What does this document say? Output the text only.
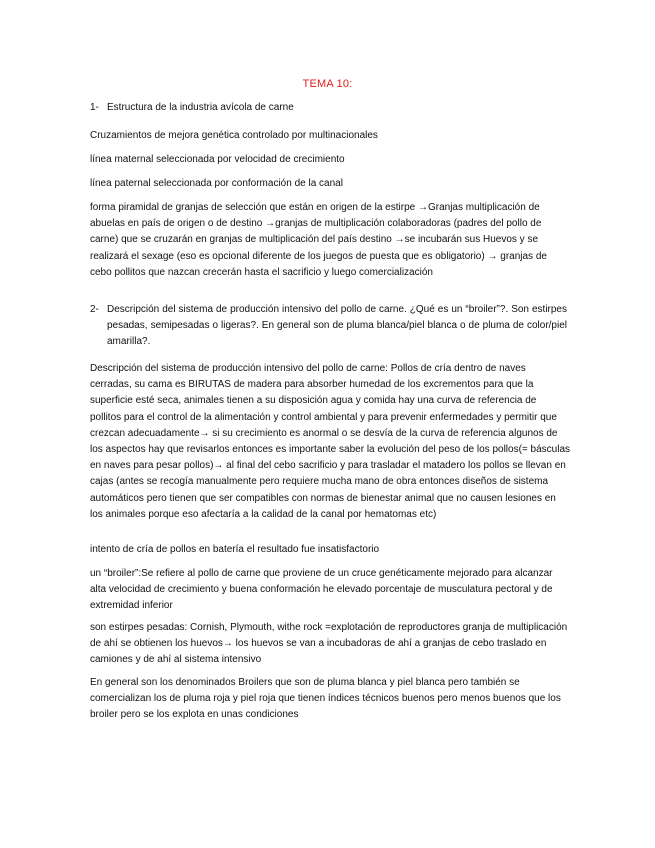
TEMA 10:
1- Estructura de la industria avícola de carne

Cruzamientos de mejora genética controlado por multinacionales

línea maternal seleccionada por velocidad de crecimiento

línea paternal seleccionada por conformación de la canal

forma piramidal de granjas de selección que están en origen de la estirpe →Granjas multiplicación de abuelas en país de origen o de destino →granjas de multiplicación colaboradoras (padres del pollo de carne) que se cruzarán en granjas de multiplicación del país destino →se incubarán sus Huevos y se realizará el sexage (eso es opcional diferente de los juegos de puesta que es obligatorio) → granjas de cebo pollitos que nazcan crecerán hasta el sacrificio y luego comercialización

2- Descripción del sistema de producción intensivo del pollo de carne. ¿Qué es un “broiler”?. Son estirpes pesadas, semipesadas o ligeras?. En general son de pluma blanca/piel blanca o de pluma de color/piel amarilla?.

Descripción del sistema de producción intensivo del pollo de carne: Pollos de cría dentro de naves cerradas, su cama es BIRUTAS de madera para absorber humedad de los excrementos para que la superficie esté seca, animales tienen a su disposición agua y comida hay una curva de referencia de pollitos para el control de la alimentación y control ambiental y para prevenir enfermedades y permitir que crezcan adecuadamente→ si su crecimiento es anormal o se desvía de la curva de referencia algunos de los aspectos hay que revisarlos entonces es importante saber la evolución del peso de los pollos(= básculas en naves para pesar pollos)→ al final del cebo sacrificio y para trasladar el matadero los pollos se llevan en cajas (antes se recogía manualmente pero requiere mucha mano de obra entonces diseños de sistema automáticos pero tienen que ser compatibles con normas de bienestar animal que no causen lesiones en los animales porque eso afectaría a la calidad de la canal por hematomas etc)

intento de cría de pollos en batería el resultado fue insatisfactorio

un “broiler”:Se refiere al pollo de carne que proviene de un cruce genéticamente mejorado para alcanzar alta velocidad de crecimiento y buena conformación he elevado porcentaje de musculatura pectoral y de extremidad inferior

son estirpes pesadas: Cornish, Plymouth, withe rock =explotación de reproductores granja de multiplicación de ahí se obtienen los huevos→ los huevos se van a incubadoras de ahí a granjas de cebo traslado en camiones y de ahí al sistema intensivo

En general son los denominados Broilers que son de pluma blanca y piel blanca pero también se comercializan los de pluma roja y piel roja que tienen índices técnicos buenos pero menos buenos que los broiler pero se los explota en unas condiciones
